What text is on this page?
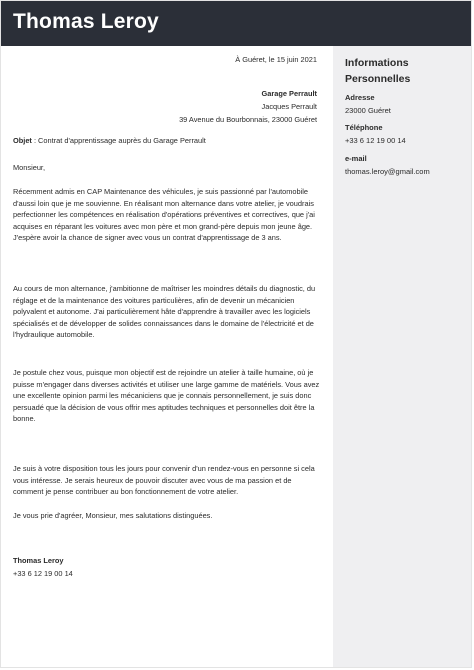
Thomas Leroy
Informations Personnelles
Adresse
23000 Guéret
Téléphone
+33 6 12 19 00 14
e-mail
thomas.leroy@gmail.com
À Guéret, le 15 juin 2021
Garage Perrault
Jacques Perrault
39 Avenue du Bourbonnais, 23000 Guéret
Objet : Contrat d'apprentissage auprès du Garage Perrault
Monsieur,
Récemment admis en CAP Maintenance des véhicules, je suis passionné par l'automobile d'aussi loin que je me souvienne. En réalisant mon alternance dans votre atelier, je voudrais perfectionner les compétences en réalisation d'opérations préventives et correctives, que j'ai acquises en réparant les voitures avec mon père et mon grand-père depuis mon jeune âge. J'espère avoir la chance de signer avec vous un contrat d'apprentissage de 3 ans.
Au cours de mon alternance, j'ambitionne de maîtriser les moindres détails du diagnostic, du réglage et de la maintenance des voitures particulières, afin de devenir un mécanicien polyvalent et autonome. J'ai particulièrement hâte d'apprendre à travailler avec les logiciels spécialisés et de développer de solides connaissances dans le domaine de l'électricité et de l'hydraulique automobile.
Je postule chez vous, puisque mon objectif est de rejoindre un atelier à taille humaine, où je puisse m'engager dans diverses activités et utiliser une large gamme de matériels. Vous avez une excellente opinion parmi les mécaniciens que je connais personnellement, je suis donc persuadé que la décision de vous offrir mes aptitudes techniques et personnelles doit être la bonne.
Je suis à votre disposition tous les jours pour convenir d'un rendez-vous en personne si cela vous intéresse. Je serais heureux de pouvoir discuter avec vous de ma passion et de comment je pense contribuer au bon fonctionnement de votre atelier.
Je vous prie d'agréer, Monsieur, mes salutations distinguées.
Thomas Leroy
+33 6 12 19 00 14
